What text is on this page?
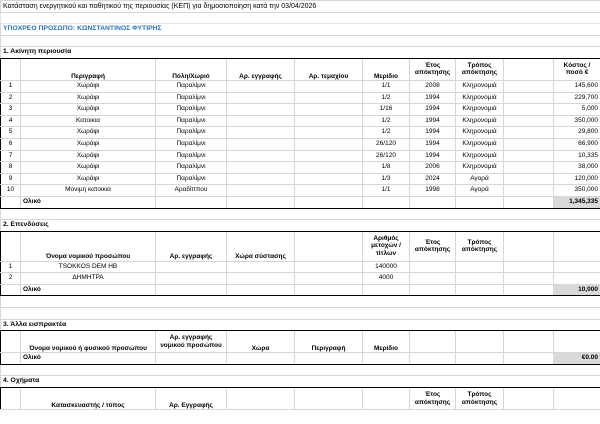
Κατάσταση ενεργητικού και παθητικού της περιουσίας (ΚΕΠ) για δημοσιοποίηση κατά την 03/04/2026									

ΥΠΟΧΡΕΟ ΠΡΟΣΩΠΟ: ΚΩΝΣΤΑΝΤΙΝΟΣ ΦΥΤΙΡΗΣ									

1. Ακίνητη περιουσία									
	Περιγραφή	Πόλη/Χωριό	Αρ. εγγραφής	Αρ. τεμαχίου	Μερίδιο	Έτος απόκτησης	Τρόπος απόκτησης		Κόστος / ποσό €
1	Χωράφι	Παραλίμνι			1/1	2008	Κληρονομιά		145,600
2	Χωράφι	Παραλίμνι			1/2	1994	Κληρονομιά		229,700
3	Χωράφι	Παραλίμνι			1/16	1994	Κληρονομιά		5,000
4	Κατοικια	Παραλίμνι			1/2	1994	Κληρονομιά		350,000
5	Χωράφι	Παραλίμνι			1/2	1994	Κληρονομιά		29,800
6	Χωράφι	Παραλίμνι			26/120	1994	Κληρονομιά		66,900
7	Χωράφι	Παραλίμνι			26/120	1994	Κληρονομιά		10,335
8	Χωράφι	Παραλίμνι			1/8	2006	Κληρονομιά		38,000
9	Χωράφι	Παραλίμνι			1/3	2024	Αγορά		120,000
10	Μονιμη κατοικια	Αραδίππου			1/1	1998	Αγορά		350,000
	Ολικό								1,345,335

2. Επενδύσεις									
	Όνομα νομικού προσώπου	Αρ. εγγραφής	Χώρα σύστασης		Αριθμός μετοχών / τίτλων	Έτος απόκτησης	Τρόπος απόκτησης		
1	TSOKKOS DEM HB				140000				
2	ΔΗΜΗΤΡΑ				4000				
	Ολικό								10,000

3. Άλλα εισπρακτέα									
	Όνομα νομικού ή φυσικού προσώπου	Αρ. εγγραφής νομικού προσώπου	Χώρα	Περιγραφή	Μερίδιο				
	Ολικό								€0.00

4. Οχήματα									
	Κατασκευαστής / τύπος	Αρ. Εγγραφής				Έτος απόκτησης	Τρόπος απόκτησης		
